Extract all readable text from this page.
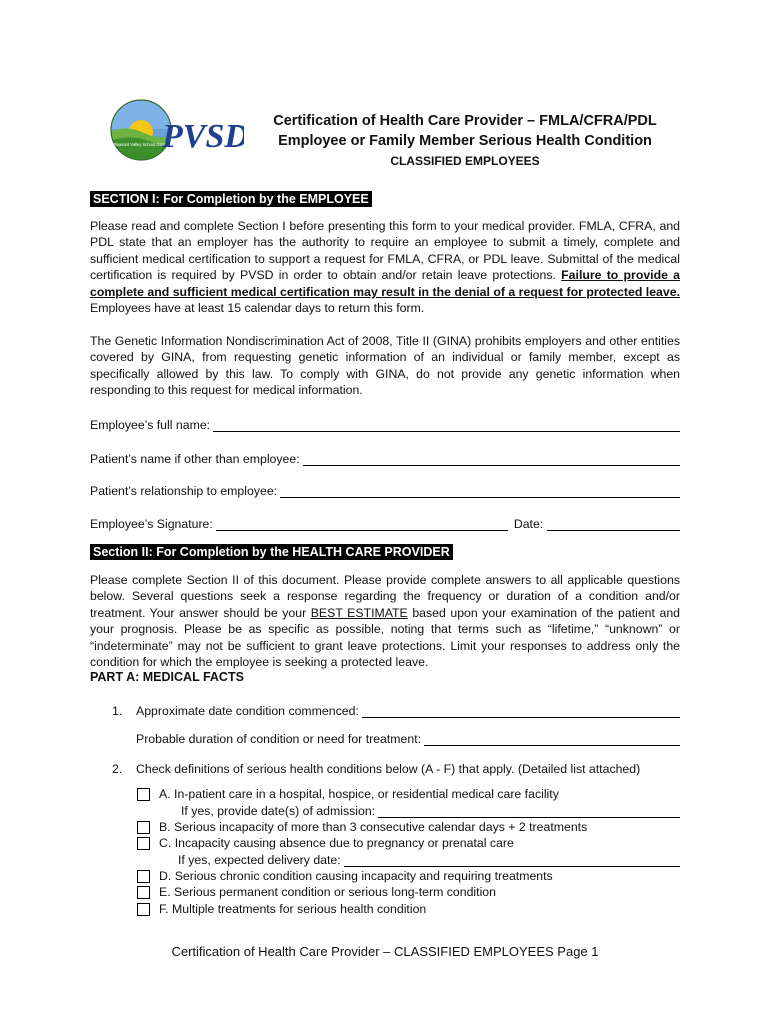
Pleasant Valley School District
PVSD	Certification of Health Care Provider – FMLA/CFRA/PDL
Employee or Family Member Serious Health Condition
CLASSIFIED EMPLOYEES
SECTION I: For Completion by the EMPLOYEE
Please read and complete Section I before presenting this form to your medical provider. FMLA, CFRA, and PDL state that an employer has the authority to require an employee to submit a timely, complete and sufficient medical certification to support a request for FMLA, CFRA, or PDL leave. Submittal of the medical certification is required by PVSD in order to obtain and/or retain leave protections. Failure to provide a complete and sufficient medical certification may result in the denial of a request for protected leave. Employees have at least 15 calendar days to return this form.
The Genetic Information Nondiscrimination Act of 2008, Title II (GINA) prohibits employers and other entities covered by GINA, from requesting genetic information of an individual or family member, except as specifically allowed by this law. To comply with GINA, do not provide any genetic information when responding to this request for medical information.
Employee’s full name:
Patient’s name if other than employee:
Patient’s relationship to employee:
Employee’s Signature:	Date:
Section II: For Completion by the HEALTH CARE PROVIDER
Please complete Section II of this document. Please provide complete answers to all applicable questions below. Several questions seek a response regarding the frequency or duration of a condition and/or treatment. Your answer should be your BEST ESTIMATE based upon your examination of the patient and your prognosis. Please be as specific as possible, noting that terms such as “lifetime,” “unknown” or “indeterminate” may not be sufficient to grant leave protections. Limit your responses to address only the condition for which the employee is seeking a protected leave.
PART A: MEDICAL FACTS
1. Approximate date condition commenced:
Probable duration of condition or need for treatment:
2. Check definitions of serious health conditions below (A - F) that apply. (Detailed list attached)
A. In-patient care in a hospital, hospice, or residential medical care facility
If yes, provide date(s) of admission:
B. Serious incapacity of more than 3 consecutive calendar days + 2 treatments
C. Incapacity causing absence due to pregnancy or prenatal care
If yes, expected delivery date:
D. Serious chronic condition causing incapacity and requiring treatments
E. Serious permanent condition or serious long-term condition
F. Multiple treatments for serious health condition
Certification of Health Care Provider – CLASSIFIED EMPLOYEES Page 1
